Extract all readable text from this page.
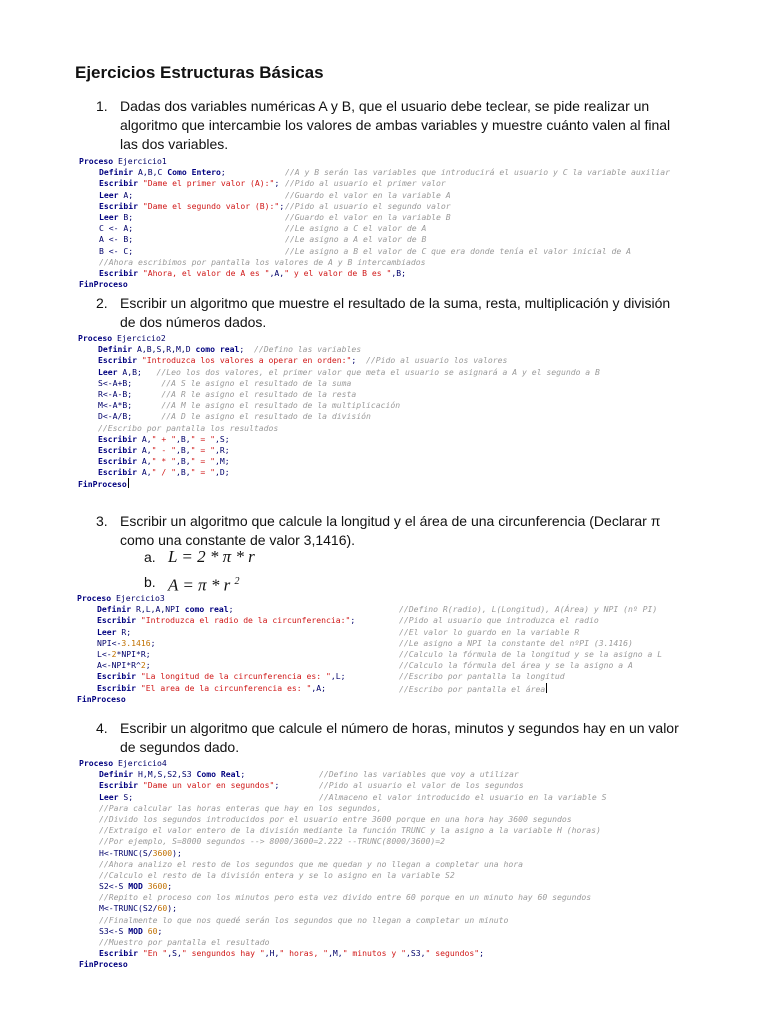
Ejercicios Estructuras Básicas
1. Dadas dos variables numéricas A y B, que el usuario debe teclear, se pide realizar un
algoritmo que intercambie los valores de ambas variables y muestre cuánto valen al final
las dos variables.
Proceso Ejercicio1
Definir A,B,C Como Entero;	//A y B serán las variables que introducirá el usuario y C la variable auxiliar
Escribir "Dame el primer valor (A):"; //Pido al usuario el primer valor
Leer A;	//Guardo el valor en la variable A
Escribir "Dame el segundo valor (B):"; //Pido al usuario el segundo valor
Leer B;	//Guardo el valor en la variable B
C <- A;	//Le asigno a C el valor de A
A <- B;	//Le asigno a A el valor de B
B <- C;	//Le asigno a B el valor de C que era donde tenía el valor inicial de A
//Ahora escribimos por pantalla los valores de A y B intercambiados
Escribir "Ahora, el valor de A es ",A," y el valor de B es ",B;
FinProceso
2. Escribir un algoritmo que muestre el resultado de la suma, resta, multiplicación y división
de dos números dados.
Proceso Ejercicio2
Definir A,B,S,R,M,D como real;  //Defino las variables
Escribir "Introduzca los valores a operar en orden:";  //Pido al usuario los valores
Leer A,B;   //Leo los dos valores, el primer valor que meta el usuario se asignará a A y el segundo a B
S<-A+B;      //A S le asigno el resultado de la suma
R<-A-B;      //A R le asigno el resultado de la resta
M<-A*B;      //A M le asigno el resultado de la multiplicación
D<-A/B;      //A D le asigno el resultado de la división
//Escribo por pantalla los resultados
Escribir A," + ",B," = ",S;
Escribir A," - ",B," = ",R;
Escribir A," * ",B," = ",M;
Escribir A," / ",B," = ",D;
FinProceso
3. Escribir un algoritmo que calcule la longitud y el área de una circunferencia (Declarar π
como una constante de valor 3,1416).
a. L = 2 * π * r
b. A = π * r $^2$
Proceso Ejercicio3
Definir R,L,A,NPI como real;	//Defino R(radio), L(Longitud), A(Área) y NPI (nº PI)
Escribir "Introduzca el radio de la circunferencia:";	//Pido al usuario que introduzca el radio
Leer R;	//El valor lo guardo en la variable R
NPI<-3.1416;	//Le asigno a NPI la constante del nºPI (3.1416)
L<-2*NPI*R;	//Calculo la fórmula de la longitud y se la asigno a L
A<-NPI*R^2;	//Calculo la fórmula del área y se la asigno a A
Escribir "La longitud de la circunferencia es: ",L;	//Escribo por pantalla la longitud
Escribir "El area de la circunferencia es: ",A;	//Escribo por pantalla el área
FinProceso
4. Escribir un algoritmo que calcule el número de horas, minutos y segundos hay en un valor
de segundos dado.
Proceso Ejercicio4
Definir H,M,S,S2,S3 Como Real;	//Defino las variables que voy a utilizar
Escribir "Dame un valor en segundos";	//Pido al usuario el valor de los segundos
Leer S;	//Almaceno el valor introducido el usuario en la variable S
//Para calcular las horas enteras que hay en los segundos,
//Divido los segundos introducidos por el usuario entre 3600 porque en una hora hay 3600 segundos
//Extraigo el valor entero de la división mediante la función TRUNC y la asigno a la variable H (horas)
//Por ejemplo, S=8000 segundos --> 8000/3600=2.222 --TRUNC(8000/3600)=2
H<-TRUNC(S/3600);
//Ahora analizo el resto de los segundos que me quedan y no llegan a completar una hora
//Calculo el resto de la división entera y se lo asigno en la variable S2
S2<-S MOD 3600;
//Repito el proceso con los minutos pero esta vez divido entre 60 porque en un minuto hay 60 segundos
M<-TRUNC(S2/60);
//Finalmente lo que nos quedé serán los segundos que no llegan a completar un minuto
S3<-S MOD 60;
//Muestro por pantalla el resultado
Escribir "En ",S," sengundos hay ",H," horas, ",M," minutos y ",S3," segundos";
FinProceso
